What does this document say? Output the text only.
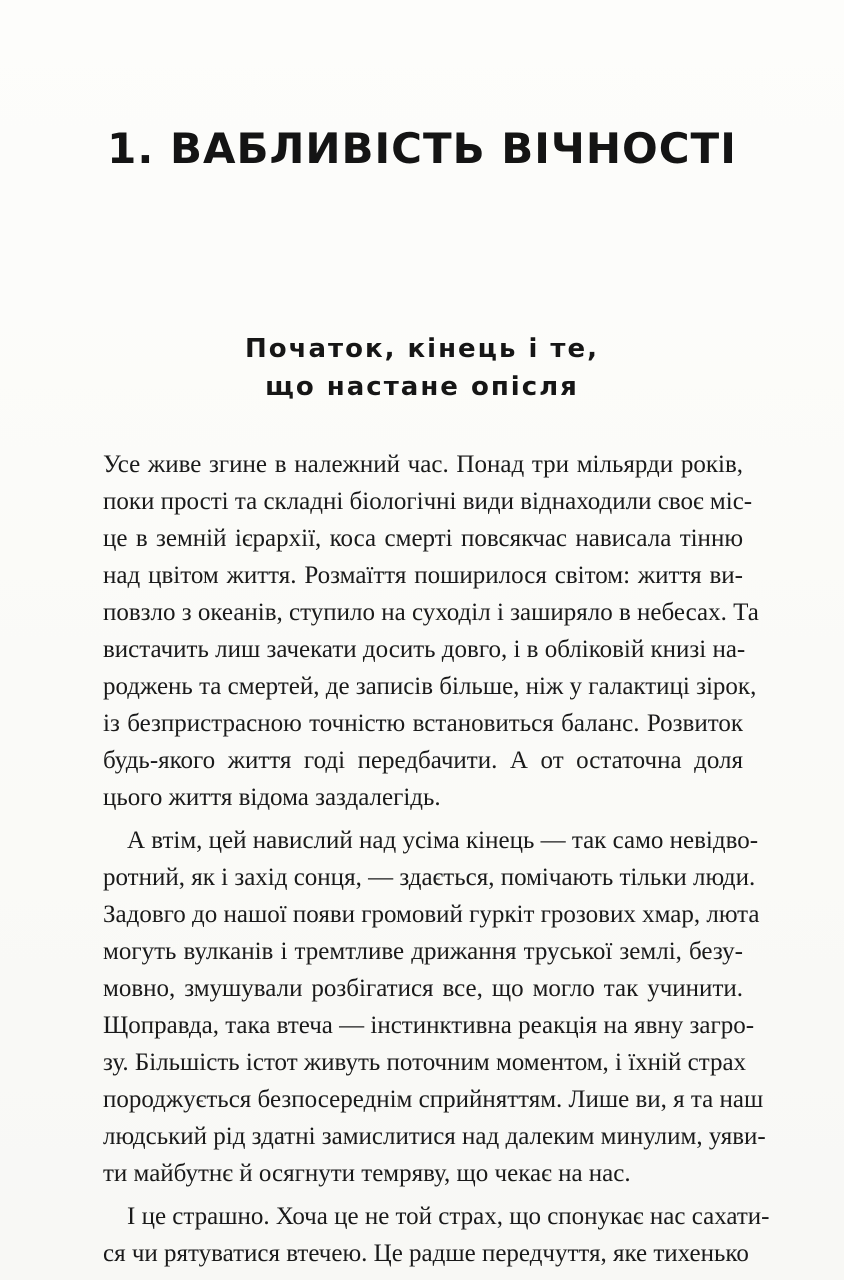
1. ВАБЛИВІСТЬ ВІЧНОСТІ
Початок, кінець і те,
що настане опісля
Усе живе згине в належний час. Понад три мільярди років,
поки прості та складні біологічні види віднаходили своє міс-
це в земній ієрархії, коса смерті повсякчас нависала тінню
над цвітом життя. Розмаїття поширилося світом: життя ви-
повзло з океанів, ступило на суходіл і заширяло в небесах. Та
вистачить лиш зачекати досить довго, і в обліковій книзі на-
роджень та смертей, де записів більше, ніж у галактиці зірок,
із безпристрасною точністю встановиться баланс. Розвиток
будь-якого життя годі передбачити. А от остаточна доля
цього життя відома заздалегідь.
А втім, цей навислий над усіма кінець — так само невідво-
ротний, як і захід сонця, — здається, помічають тільки люди.
Задовго до нашої появи громовий гуркіт грозових хмар, люта
могуть вулканів і тремтливе дрижання труської землі, безу-
мовно, змушували розбігатися все, що могло так учинити.
Щоправда, така втеча — інстинктивна реакція на явну загро-
зу. Більшість істот живуть поточним моментом, і їхній страх
породжується безпосереднім сприйняттям. Лише ви, я та наш
людський рід здатні замислитися над далеким минулим, уяви-
ти майбутнє й осягнути темряву, що чекає на нас.
І це страшно. Хоча це не той страх, що спонукає нас сахати-
ся чи рятуватися втечею. Це радше передчуття, яке тихенько
